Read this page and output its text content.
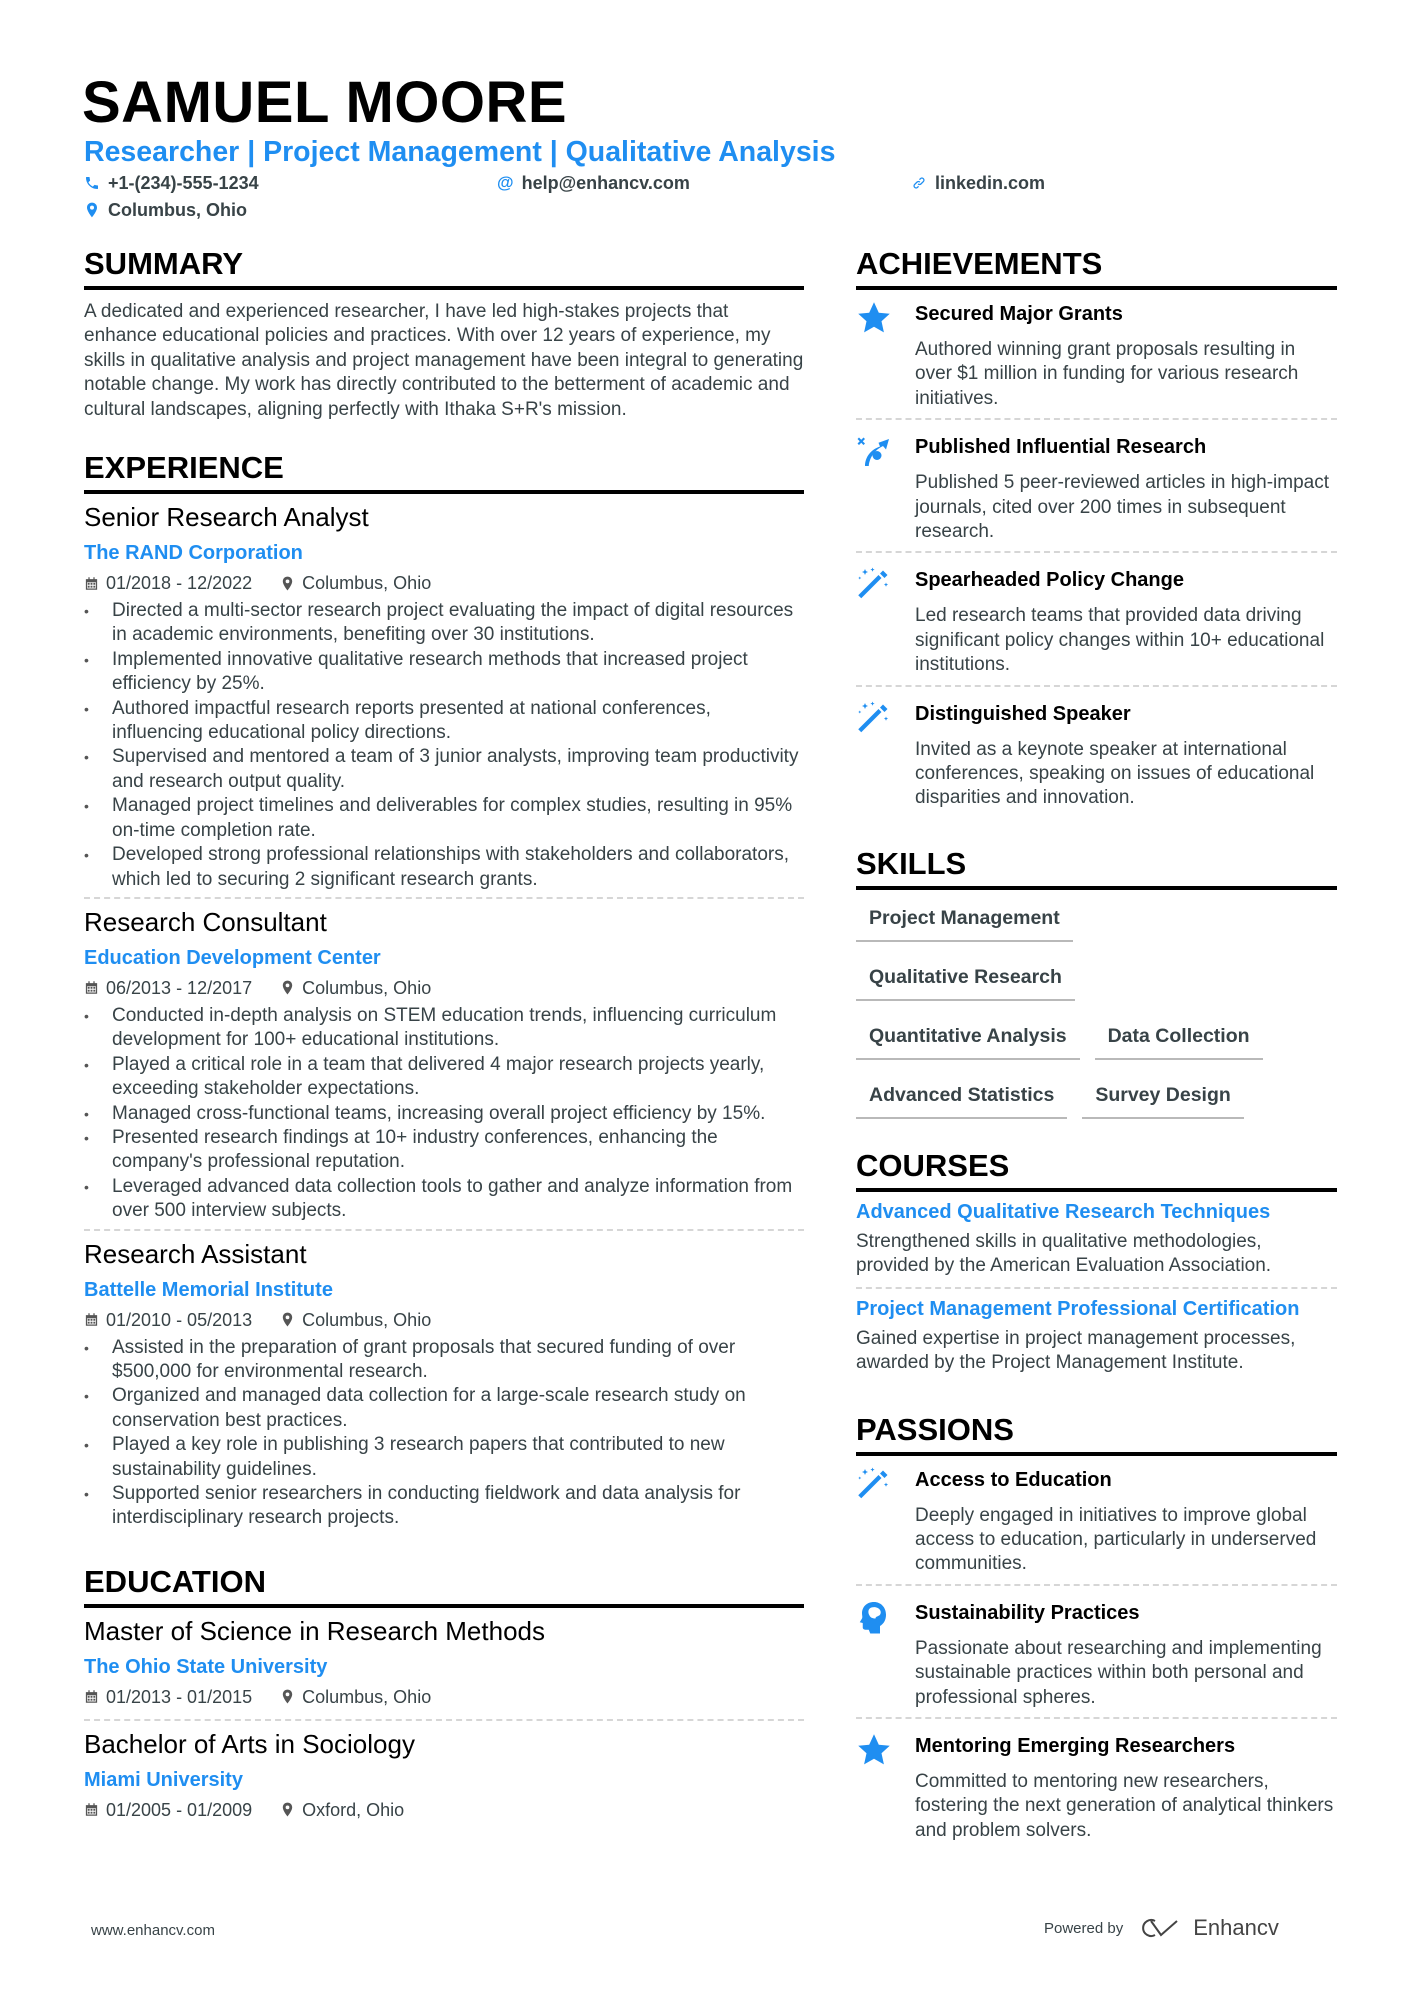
SAMUEL MOORE
Researcher | Project Management | Qualitative Analysis
+1-(234)-555-1234	@ help@enhancv.com	linkedin.com
Columbus, Ohio
SUMMARY

A dedicated and experienced researcher, I have led high-stakes projects that enhance educational policies and practices. With over 12 years of experience, my skills in qualitative analysis and project management have been integral to generating notable change. My work has directly contributed to the betterment of academic and cultural landscapes, aligning perfectly with Ithaka S+R's mission.

EXPERIENCE
Senior Research Analyst
The RAND Corporation
01/2018 - 12/2022	Columbus, Ohio
• Directed a multi-sector research project evaluating the impact of digital resources in academic environments, benefiting over 30 institutions.
• Implemented innovative qualitative research methods that increased project efficiency by 25%.
• Authored impactful research reports presented at national conferences, influencing educational policy directions.
• Supervised and mentored a team of 3 junior analysts, improving team productivity and research output quality.
• Managed project timelines and deliverables for complex studies, resulting in 95% on-time completion rate.
• Developed strong professional relationships with stakeholders and collaborators, which led to securing 2 significant research grants.
Research Consultant
Education Development Center
06/2013 - 12/2017	Columbus, Ohio
• Conducted in-depth analysis on STEM education trends, influencing curriculum development for 100+ educational institutions.
• Played a critical role in a team that delivered 4 major research projects yearly, exceeding stakeholder expectations.
• Managed cross-functional teams, increasing overall project efficiency by 15%.
• Presented research findings at 10+ industry conferences, enhancing the company's professional reputation.
• Leveraged advanced data collection tools to gather and analyze information from over 500 interview subjects.
Research Assistant
Battelle Memorial Institute
01/2010 - 05/2013	Columbus, Ohio
• Assisted in the preparation of grant proposals that secured funding of over $500,000 for environmental research.
• Organized and managed data collection for a large-scale research study on conservation best practices.
• Played a key role in publishing 3 research papers that contributed to new sustainability guidelines.
• Supported senior researchers in conducting fieldwork and data analysis for interdisciplinary research projects.
EDUCATION
Master of Science in Research Methods
The Ohio State University
01/2013 - 01/2015	Columbus, Ohio
Bachelor of Arts in Sociology
Miami University
01/2005 - 01/2009	Oxford, Ohio
ACHIEVEMENTS
Secured Major Grants
Authored winning grant proposals resulting in over $1 million in funding for various research initiatives.
Published Influential Research
Published 5 peer-reviewed articles in high-impact journals, cited over 200 times in subsequent research.
Spearheaded Policy Change
Led research teams that provided data driving significant policy changes within 10+ educational institutions.
Distinguished Speaker
Invited as a keynote speaker at international conferences, speaking on issues of educational disparities and innovation.
SKILLS
Project Management
Qualitative Research
Quantitative Analysis	Data Collection
Advanced Statistics	Survey Design
COURSES
Advanced Qualitative Research Techniques
Strengthened skills in qualitative methodologies, provided by the American Evaluation Association.
Project Management Professional Certification
Gained expertise in project management processes, awarded by the Project Management Institute.
PASSIONS
Access to Education
Deeply engaged in initiatives to improve global access to education, particularly in underserved communities.
Sustainability Practices
Passionate about researching and implementing sustainable practices within both personal and professional spheres.
Mentoring Emerging Researchers
Committed to mentoring new researchers, fostering the next generation of analytical thinkers and problem solvers.
www.enhancv.com	Powered by	Enhancv
